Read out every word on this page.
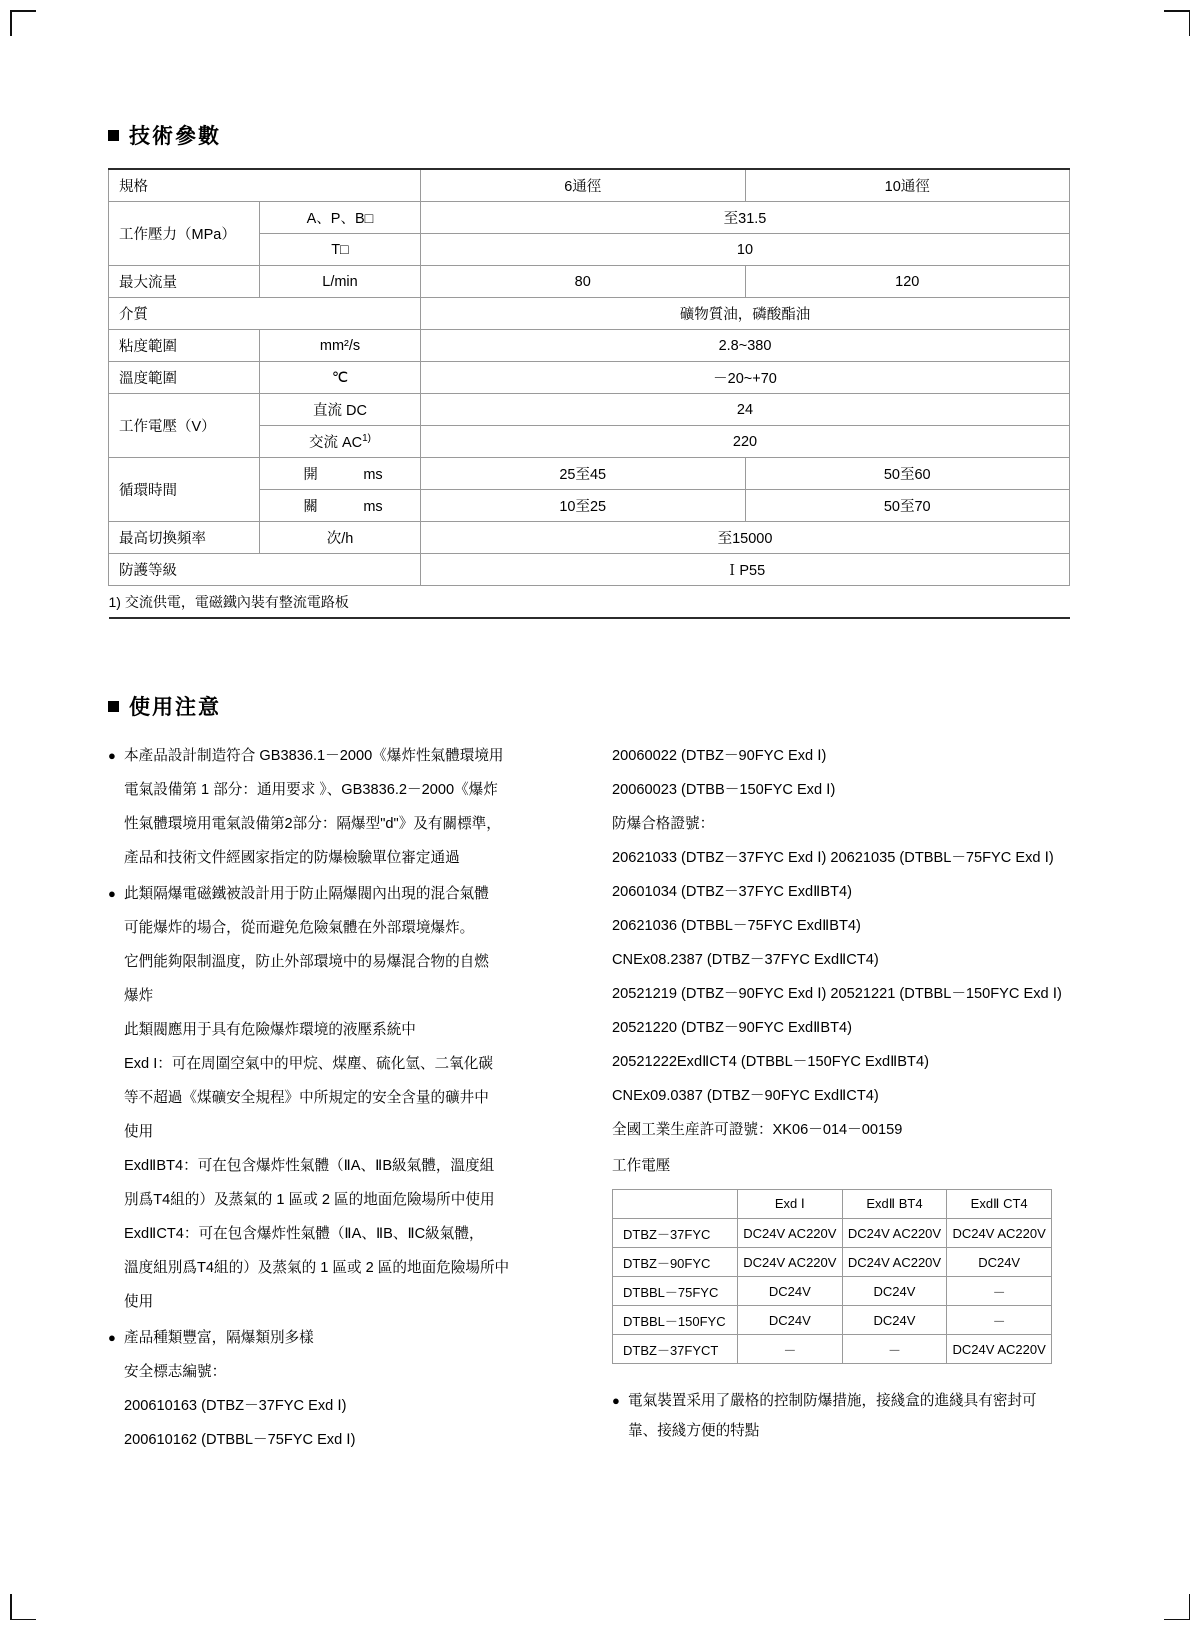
技術參數
規格		6通徑	10通徑
工作壓力（MPa）	A、P、B□	至31.5	
	T□	10	
最大流量	L/min	80	120
介質		礦物質油，磷酸酯油	
粘度範圍	mm²/s	2.8~380	
溫度範圍	℃	－20~+70	
工作電壓（V）	直流 DC	24	
	交流 AC$^{1)}$	220	
循環時間	開 ms	25至45	50至60
	關 ms	10至25	50至70
最高切換頻率	次/h	至15000	
防護等級		ＩP55	
1) 交流供電，電磁鐵內裝有整流電路板			
使用注意
● 本產品設計制造符合 GB3836.1－2000《爆炸性氣體環境用
電氣設備第 1 部分：通用要求 》、GB3836.2－2000《爆炸
性氣體環境用電氣設備第2部分：隔爆型"d"》及有關標準，
產品和技術文件經國家指定的防爆檢驗單位審定通過
● 此類隔爆電磁鐵被設計用于防止隔爆閥內出現的混合氣體
可能爆炸的場合，從而避免危險氣體在外部環境爆炸。
它們能夠限制溫度，防止外部環境中的易爆混合物的自燃
爆炸
此類閥應用于具有危險爆炸環境的液壓系統中
Exd I：可在周圍空氣中的甲烷、煤塵、硫化氫、二氧化碳
等不超過《煤礦安全規程》中所規定的安全含量的礦井中
使用
ExdⅡBT4：可在包含爆炸性氣體（ⅡA、ⅡB級氣體，溫度組
別爲T4組的）及蒸氣的 1 區或 2 區的地面危險場所中使用
ExdⅡCT4：可在包含爆炸性氣體（ⅡA、ⅡB、ⅡC級氣體，
溫度組別爲T4組的）及蒸氣的 1 區或 2 區的地面危險場所中
使用
● 產品種類豐富，隔爆類別多樣
安全標志編號：
200610163 (DTBZ－37FYC Exd Ⅰ)
200610162 (DTBBL－75FYC Exd Ⅰ)
20060022 (DTBZ－90FYC Exd Ⅰ)
20060023 (DTBB－150FYC Exd Ⅰ)
防爆合格證號：
20621033 (DTBZ－37FYC Exd Ⅰ) 20621035 (DTBBL－75FYC Exd Ⅰ)
20601034 (DTBZ－37FYC ExdⅡBT4)
20621036 (DTBBL－75FYC ExdⅡBT4)
CNEx08.2387 (DTBZ－37FYC ExdⅡCT4)
20521219 (DTBZ－90FYC Exd Ⅰ) 20521221 (DTBBL－150FYC Exd Ⅰ)
20521220 (DTBZ－90FYC ExdⅡBT4)
20521222ExdⅡCT4 (DTBBL－150FYC ExdⅡBT4)
CNEx09.0387 (DTBZ－90FYC ExdⅡCT4)
全國工業生産許可證號：XK06－014－00159
工作電壓
	Exd Ⅰ	ExdⅡ BT4	ExdⅡ CT4
DTBZ－37FYC	DC24V AC220V	DC24V AC220V	DC24V AC220V
DTBZ－90FYC	DC24V AC220V	DC24V AC220V	DC24V
DTBBL－75FYC	DC24V	DC24V	－
DTBBL－150FYC	DC24V	DC24V	－
DTBZ－37FYCT	－	－	DC24V AC220V
● 電氣裝置采用了嚴格的控制防爆措施，接綫盒的進綫具有密封可
靠、接綫方便的特點
